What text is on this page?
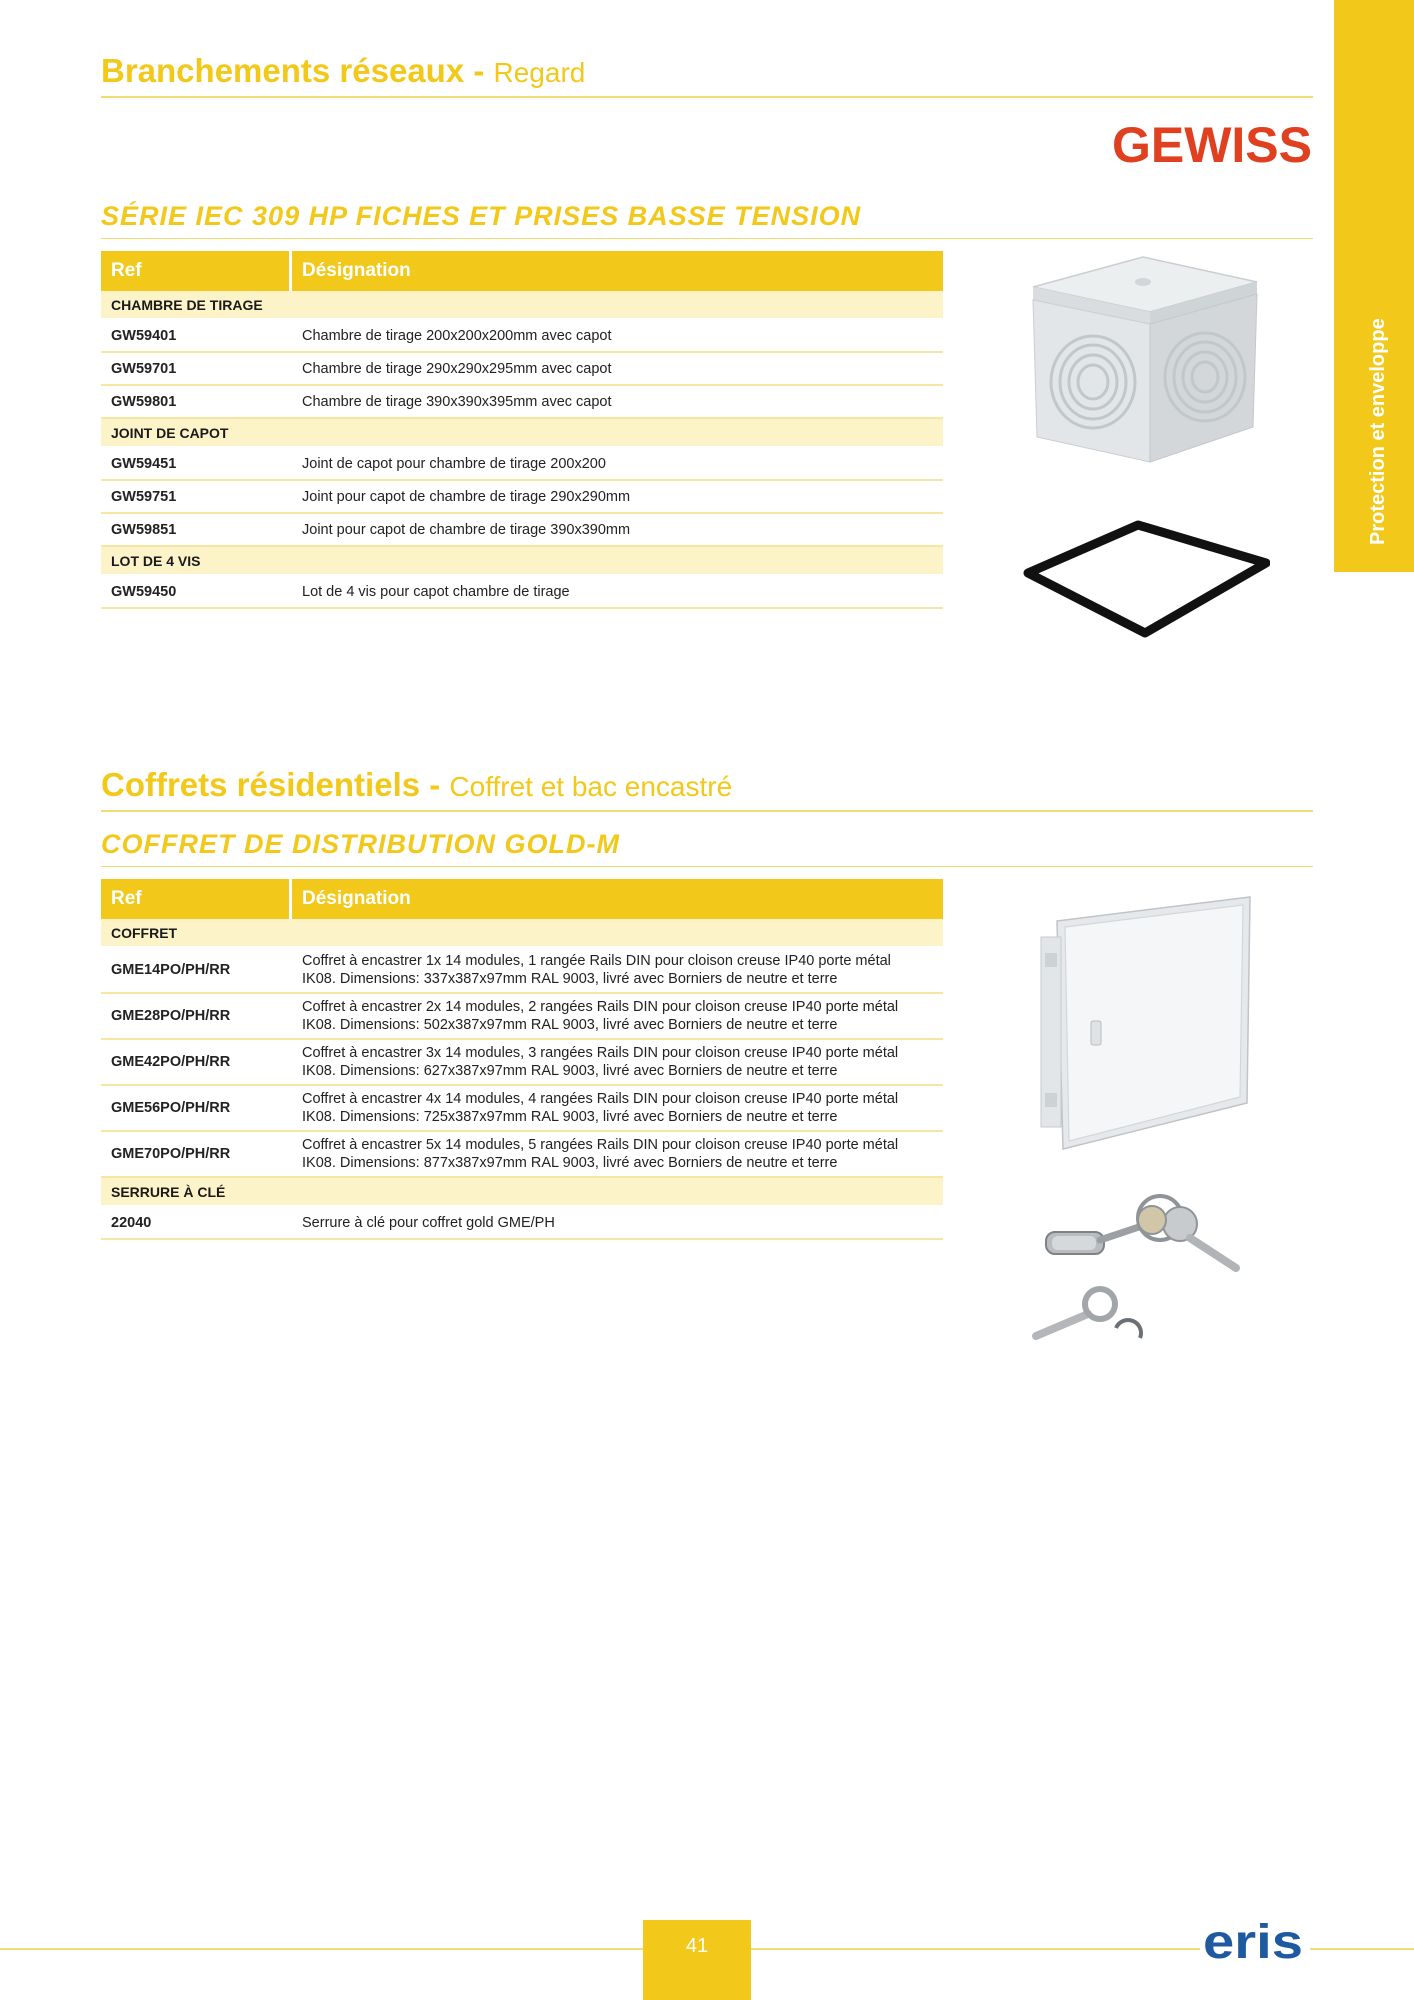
Protection et enveloppe
Branchements réseaux - Regard
GEWISS
SÉRIE IEC 309 HP FICHES ET PRISES BASSE TENSION
Ref	Désignation
CHAMBRE DE TIRAGE	
GW59401	Chambre de tirage 200x200x200mm avec capot
GW59701	Chambre de tirage 290x290x295mm avec capot
GW59801	Chambre de tirage 390x390x395mm avec capot
JOINT DE CAPOT	
GW59451	Joint de capot pour chambre de tirage 200x200
GW59751	Joint pour capot de chambre de tirage 290x290mm
GW59851	Joint pour capot de chambre de tirage 390x390mm
LOT DE 4 VIS	
GW59450	Lot de 4 vis pour capot chambre de tirage
Coffrets résidentiels - Coffret et bac encastré
COFFRET DE DISTRIBUTION GOLD-M
Ref	Désignation
COFFRET	
GME14PO/PH/RR	Coffret à encastrer 1x 14 modules, 1 rangée Rails DIN pour cloison creuse IP40 porte métal
IK08. Dimensions: 337x387x97mm RAL 9003, livré avec Borniers de neutre et terre
GME28PO/PH/RR	Coffret à encastrer 2x 14 modules, 2 rangées Rails DIN pour cloison creuse IP40 porte métal
IK08. Dimensions: 502x387x97mm RAL 9003, livré avec Borniers de neutre et terre
GME42PO/PH/RR	Coffret à encastrer 3x 14 modules, 3 rangées Rails DIN pour cloison creuse IP40 porte métal
IK08. Dimensions: 627x387x97mm RAL 9003, livré avec Borniers de neutre et terre
GME56PO/PH/RR	Coffret à encastrer 4x 14 modules, 4 rangées Rails DIN pour cloison creuse IP40 porte métal
IK08. Dimensions: 725x387x97mm RAL 9003, livré avec Borniers de neutre et terre
GME70PO/PH/RR	Coffret à encastrer 5x 14 modules, 5 rangées Rails DIN pour cloison creuse IP40 porte métal
IK08. Dimensions: 877x387x97mm RAL 9003, livré avec Borniers de neutre et terre
SERRURE À CLÉ	
22040	Serrure à clé pour coffret gold GME/PH
41	eris
